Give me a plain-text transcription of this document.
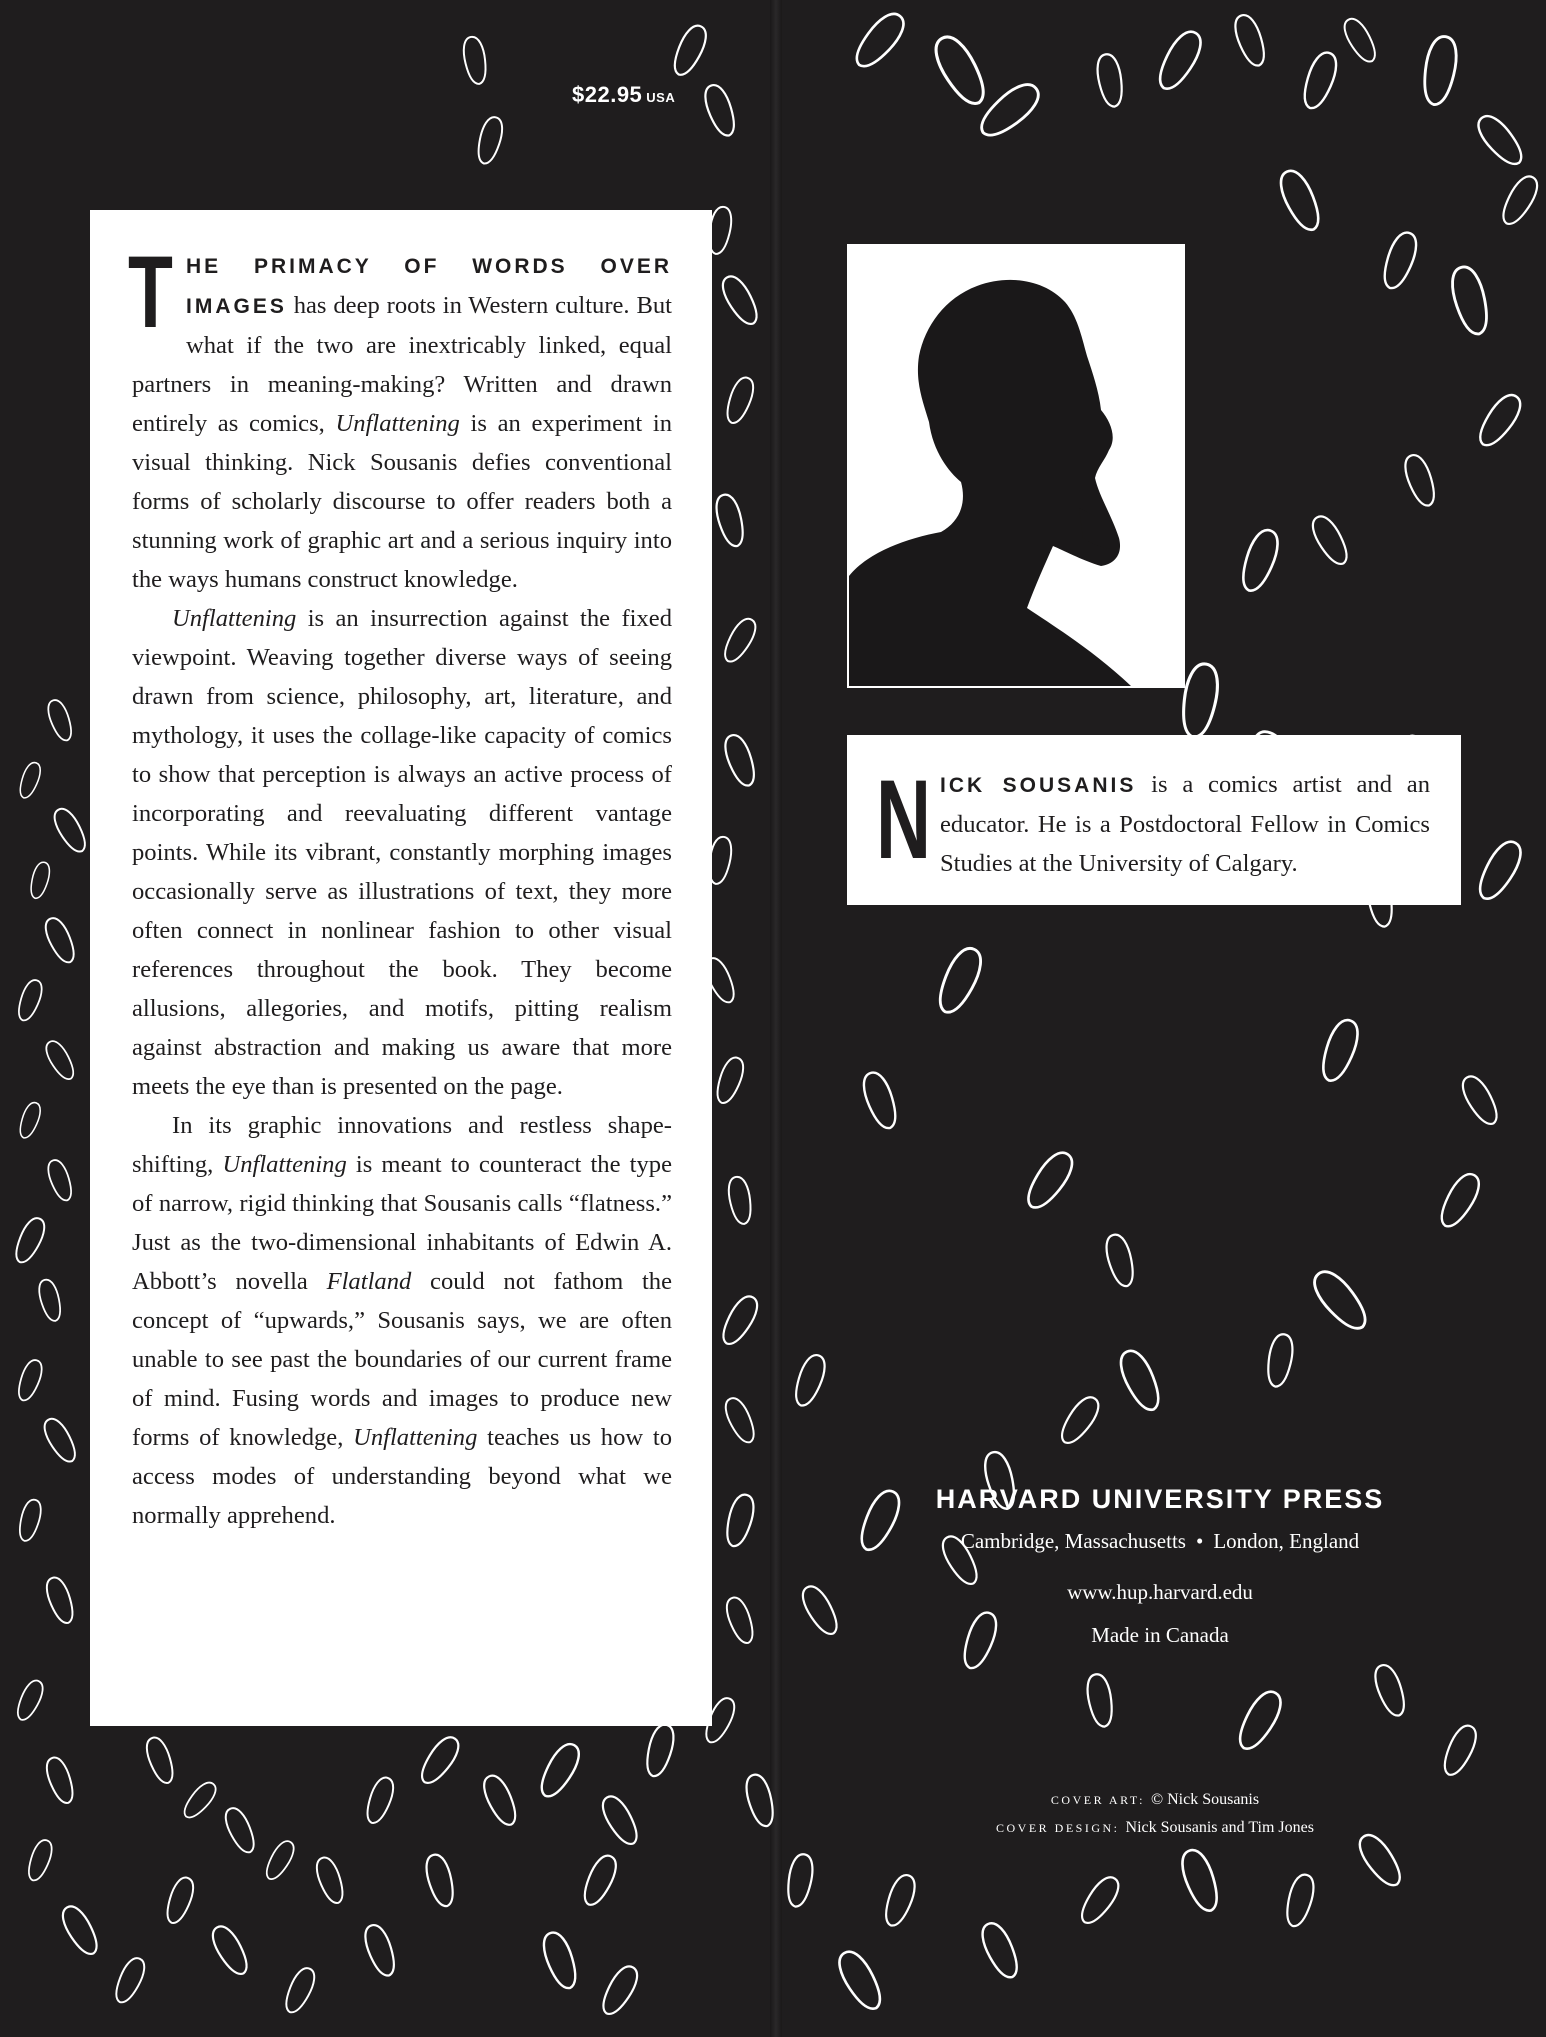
$22.95 USA

THE PRIMACY OF WORDS OVER IMAGES has deep roots in Western culture. But what if the two are inextricably linked, equal partners in meaning-making? Written and drawn entirely as comics, Unflattening is an experiment in visual thinking. Nick Sousanis defies conventional forms of scholarly discourse to offer readers both a stunning work of graphic art and a serious inquiry into the ways humans construct knowledge.

Unflattening is an insurrection against the fixed viewpoint. Weaving together diverse ways of seeing drawn from science, philosophy, art, literature, and mythology, it uses the collage-like capacity of comics to show that perception is always an active process of incorporating and reevaluating different vantage points. While its vibrant, constantly morphing images occasionally serve as illustrations of text, they more often connect in nonlinear fashion to other visual references throughout the book. They become allusions, allegories, and motifs, pitting realism against abstraction and making us aware that more meets the eye than is presented on the page.

In its graphic innovations and restless shape-shifting, Unflattening is meant to counteract the type of narrow, rigid thinking that Sousanis calls “flatness.” Just as the two-dimensional inhabitants of Edwin A. Abbott’s novella Flatland could not fathom the concept of “upwards,” Sousanis says, we are often unable to see past the boundaries of our current frame of mind. Fusing words and images to produce new forms of knowledge, Unflattening teaches us how to access modes of understanding beyond what we normally apprehend.

N ICK SOUSANIS is a comics artist and an educator. He is a Postdoctoral Fellow in Comics Studies at the University of Calgary.
HARVARD UNIVERSITY PRESS
Cambridge, Massachusetts • London, England
www.hup.harvard.edu
Made in Canada
COVER ART: © Nick Sousanis
COVER DESIGN: Nick Sousanis and Tim Jones
